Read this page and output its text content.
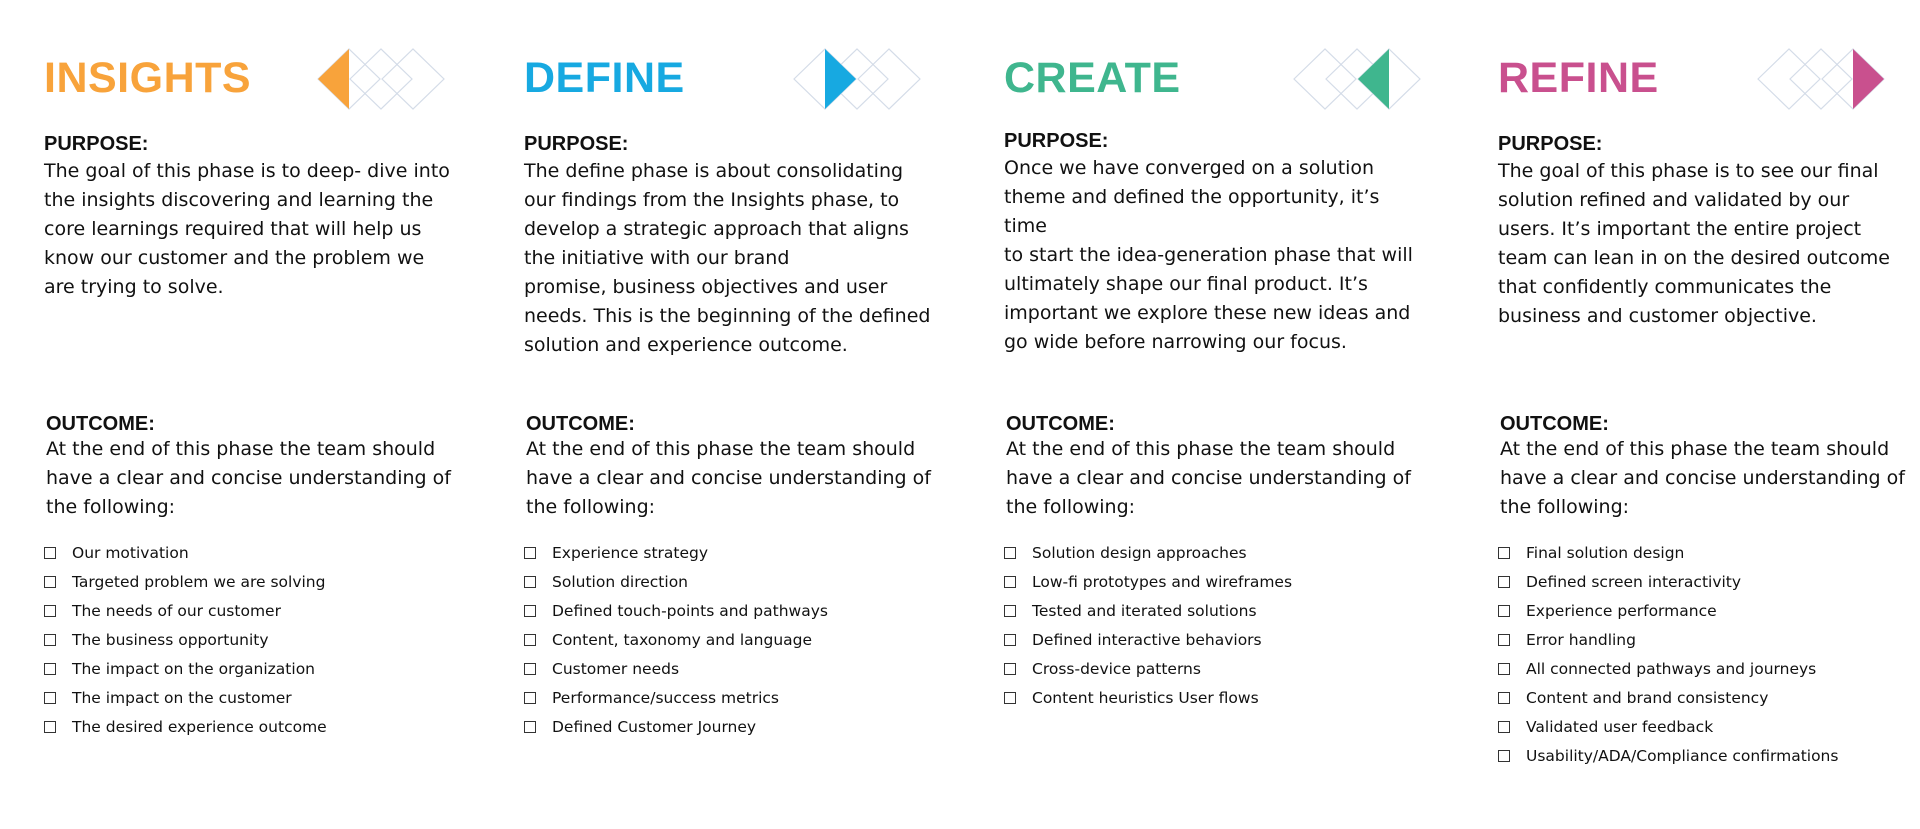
INSIGHTS

PURPOSE:

The goal of this phase is to deep- dive into
the insights discovering and learning the
core learnings required that will help us
know our customer and the problem we
are trying to solve.

OUTCOME:

At the end of this phase the team should
have a clear and concise understanding of
the following:
Our motivation
Targeted problem we are solving
The needs of our customer
The business opportunity
The impact on the organization
The impact on the customer
The desired experience outcome
DEFINE

PURPOSE:

The define phase is about consolidating
our findings from the Insights phase, to
develop a strategic approach that aligns
the initiative with our brand
promise, business objectives and user
needs. This is the beginning of the defined
solution and experience outcome.

OUTCOME:

At the end of this phase the team should
have a clear and concise understanding of
the following:
Experience strategy
Solution direction
Defined touch-points and pathways
Content, taxonomy and language
Customer needs
Performance/success metrics
Defined Customer Journey
CREATE

PURPOSE:

Once we have converged on a solution
theme and defined the opportunity, it’s time
to start the idea-generation phase that will
ultimately shape our final product. It’s
important we explore these new ideas and
go wide before narrowing our focus.

OUTCOME:

At the end of this phase the team should
have a clear and concise understanding of
the following:
Solution design approaches
Low-fi prototypes and wireframes
Tested and iterated solutions
Defined interactive behaviors
Cross-device patterns
Content heuristics User flows
REFINE

PURPOSE:

The goal of this phase is to see our final
solution refined and validated by our
users. It’s important the entire project
team can lean in on the desired outcome
that confidently communicates the
business and customer objective.

OUTCOME:

At the end of this phase the team should
have a clear and concise understanding of
the following:
Final solution design
Defined screen interactivity
Experience performance
Error handling
All connected pathways and journeys
Content and brand consistency
Validated user feedback
Usability/ADA/Compliance confirmations
